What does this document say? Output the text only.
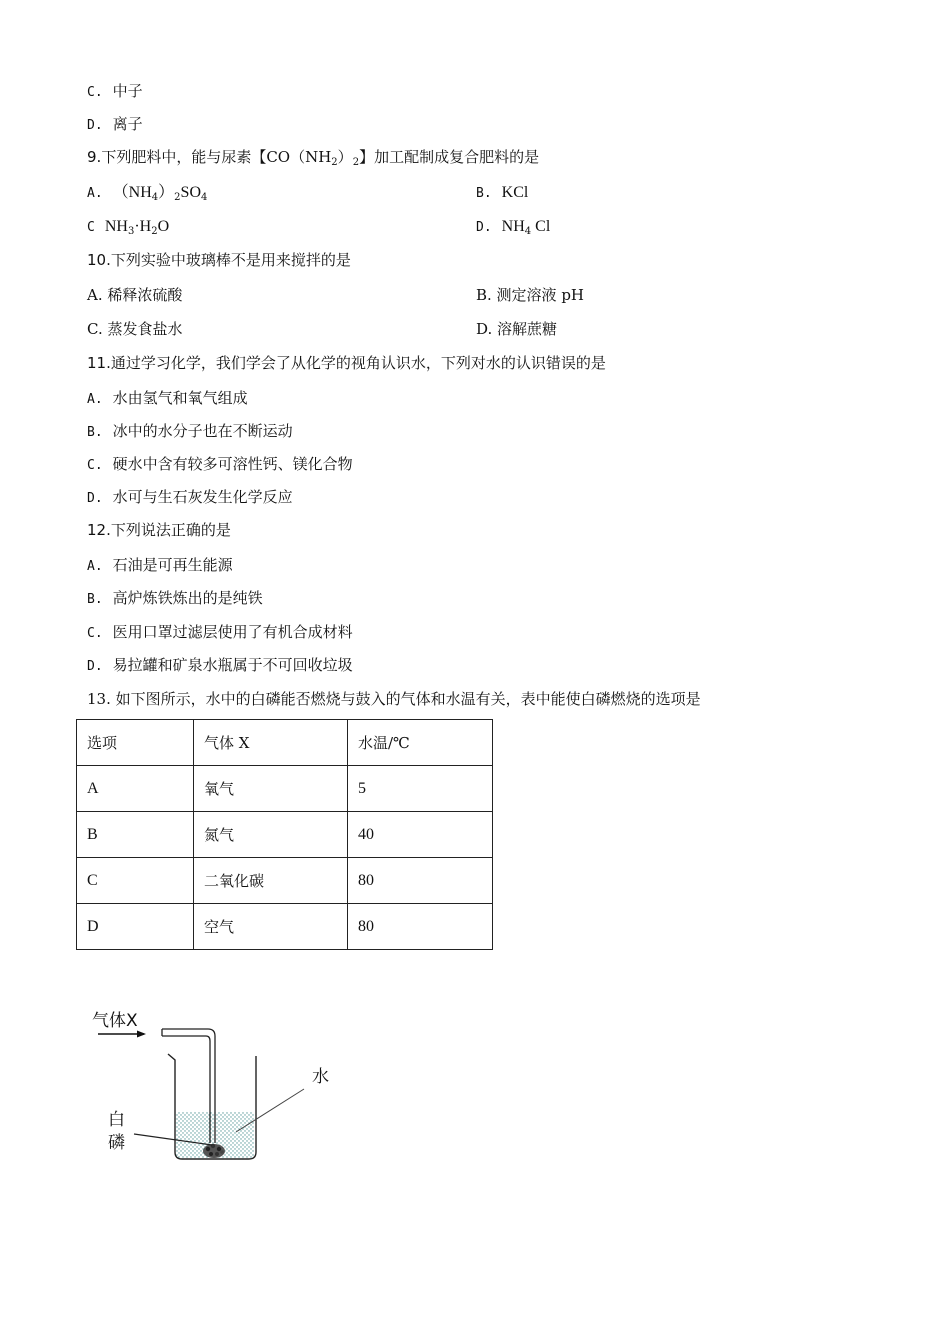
C. 中子
D. 离子
9.下列肥料中，能与尿素【$CO(NH_2)_2$】加工配制成复合肥料的是
A. $(NH_4)_2SO_4$	B. KCl
C $NH_3\cdot H_2O$	D. $NH_4$ Cl
10.下列实验中玻璃棒不是用来搅拌的是
A. 稀释浓硫酸	B. 测定溶液 pH
C. 蒸发食盐水	D. 溶解蔗糖
11.通过学习化学，我们学会了从化学的视角认识水，下列对水的认识错误的是
A. 水由氢气和氧气组成
B. 冰中的水分子也在不断运动
C. 硬水中含有较多可溶性钙、镁化合物
D. 水可与生石灰发生化学反应
12.下列说法正确的是
A. 石油是可再生能源
B. 高炉炼铁炼出的是纯铁
C. 医用口罩过滤层使用了有机合成材料
D. 易拉罐和矿泉水瓶属于不可回收垃圾
13. 如下图所示，水中的白磷能否燃烧与鼓入的气体和水温有关，表中能使白磷燃烧的选项是
选项	气体 X	水温/℃
A	氧气	5
B	氮气	40
C	二氧化碳	80
D	空气	80
气体X
水
白
磷
